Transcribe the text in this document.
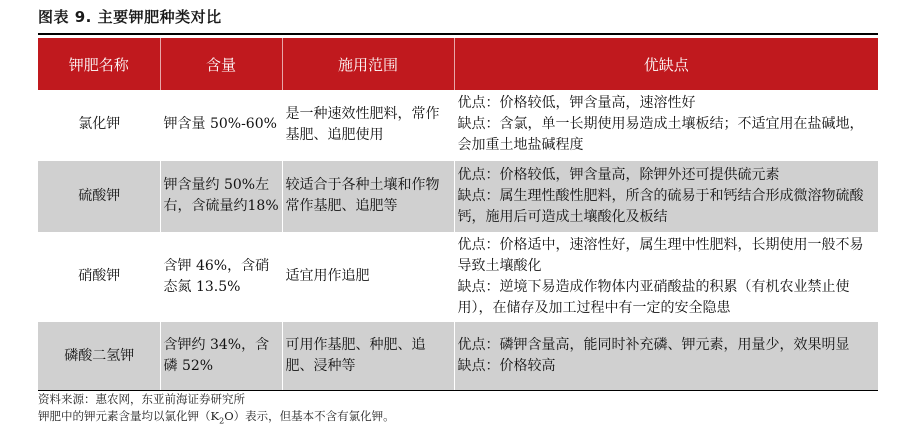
图表 9. 主要钾肥种类对比
钾肥名称	含量	施用范围	优缺点
氯化钾	钾含量 50%-60%	是一种速效性肥料，常作基肥、追肥使用	优点：价格较低，钾含量高，速溶性好
缺点：含氯，单一长期使用易造成土壤板结；不适宜用在盐碱地，会加重土地盐碱程度
硫酸钾	钾含量约 50%左右，含硫量约18%	较适合于各种土壤和作物常作基肥、追肥等	优点：价格较低，钾含量高，除钾外还可提供硫元素
缺点：属生理性酸性肥料，所含的硫易于和钙结合形成微溶物硫酸钙，施用后可造成土壤酸化及板结
硝酸钾	含钾 46%，含硝态氮 13.5%	适宜用作追肥	优点：价格适中，速溶性好，属生理中性肥料，长期使用一般不易导致土壤酸化
缺点：逆境下易造成作物体内亚硝酸盐的积累（有机农业禁止使用），在储存及加工过程中有一定的安全隐患
磷酸二氢钾	含钾约 34%，含磷 52%	可用作基肥、种肥、追肥、浸种等	优点：磷钾含量高，能同时补充磷、钾元素，用量少，效果明显
缺点：价格较高
资料来源：惠农网，东亚前海证券研究所
钾肥中的钾元素含量均以氯化钾$(K_2O)$表示，但基本不含有氯化钾。
